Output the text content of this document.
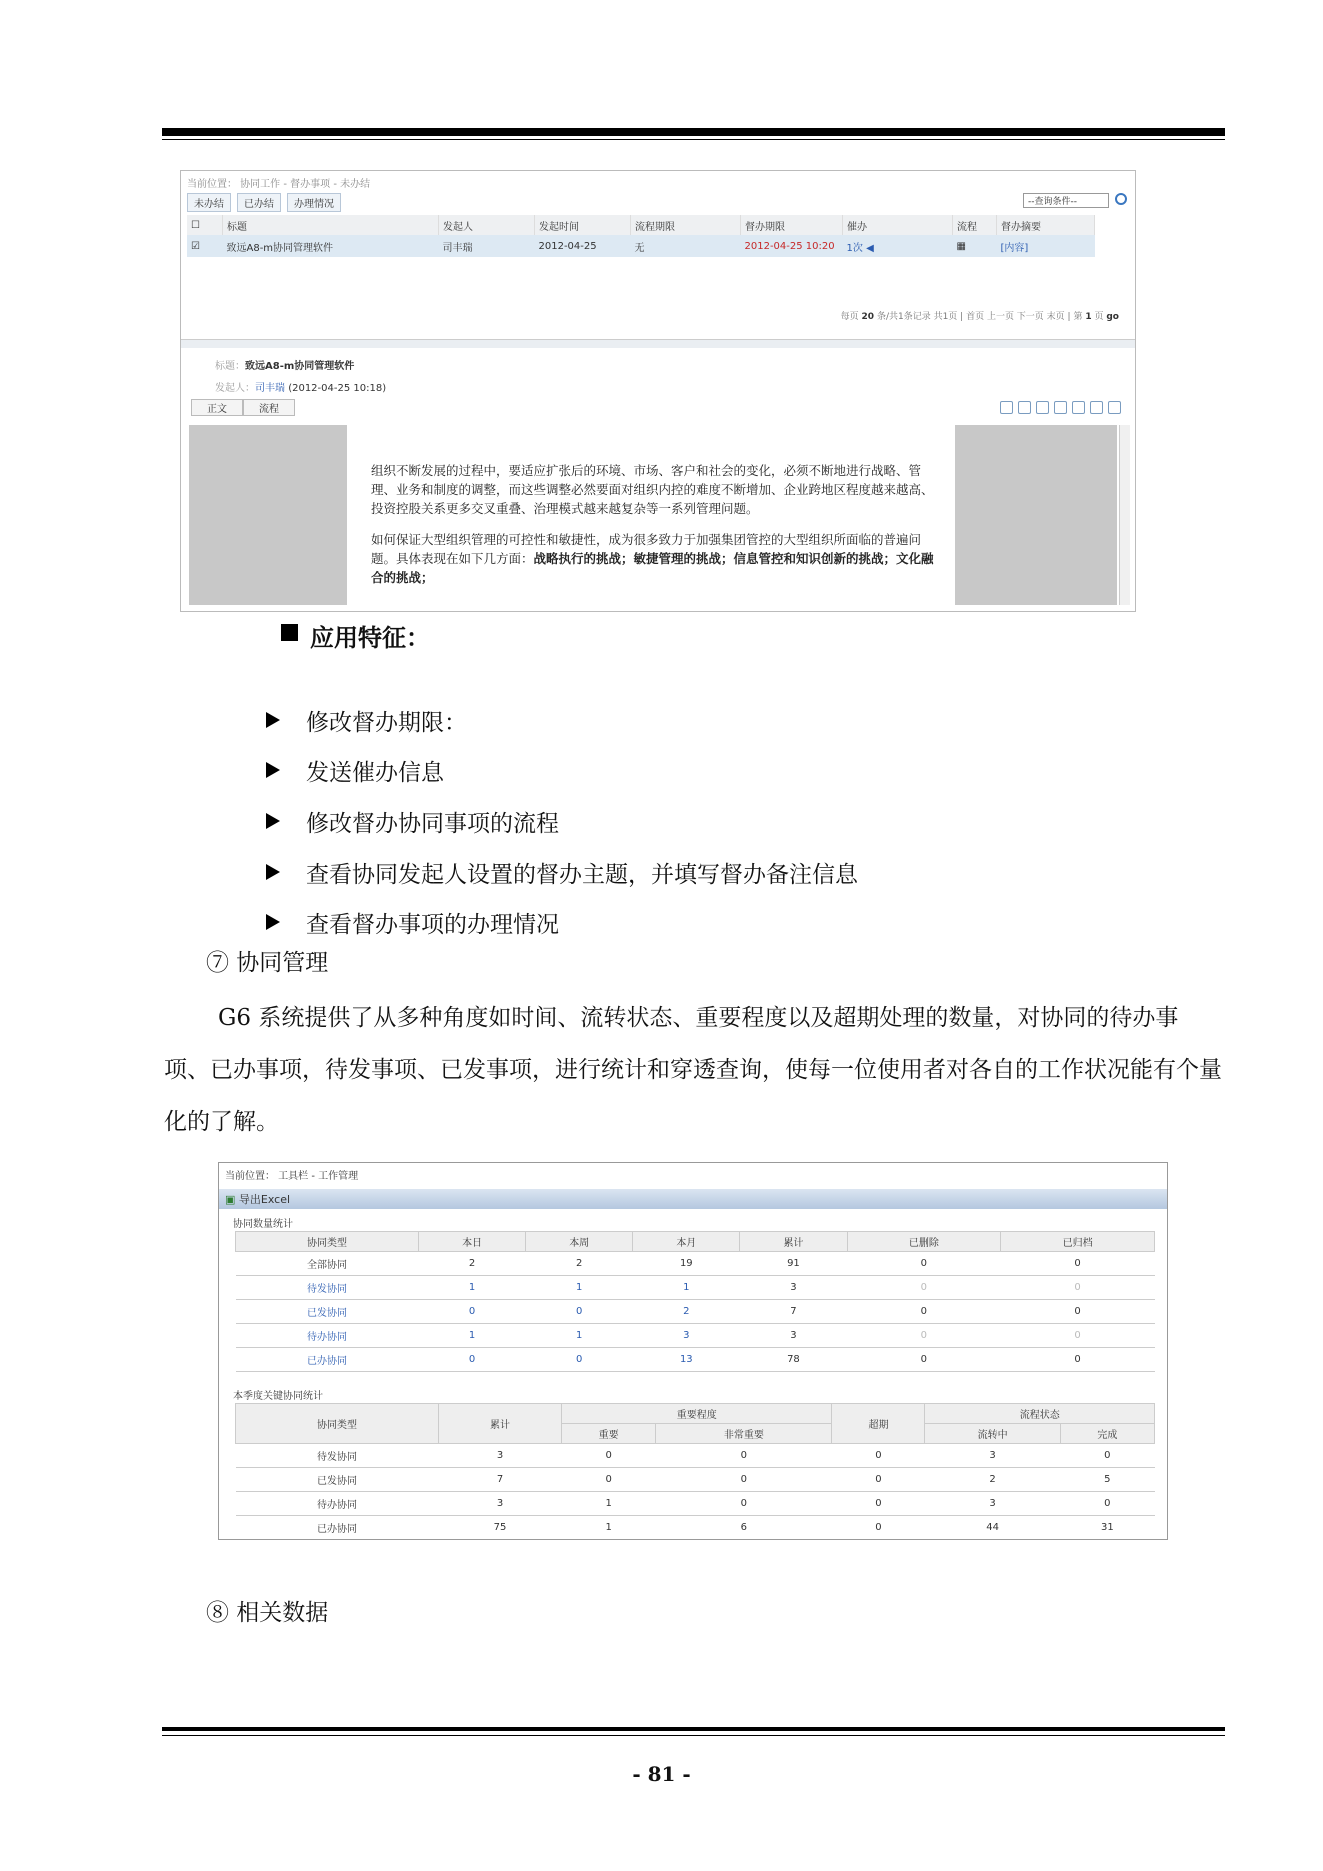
当前位置： 协同工作 - 督办事项 - 未办结
未办结	已办结	办理情况	--查询条件--
☐	标题	发起人	发起时间	流程期限	督办期限	催办	流程	督办摘要
☑	致远A8-m协同管理软件	司丰瑞	2012-04-25	无	2012-04-25 10:20	1次 ◀︎	▦	[内容]
每页 20 条/共1条记录 共1页 | 首页 上一页 下一页 末页 | 第 1 页 go
标题：致远A8-m协同管理软件
发起人：司丰瑞 (2012-04-25 10:18)
正文	流程

组织不断发展的过程中，要适应扩张后的环境、市场、客户和社会的变化，必须不断地进行战略、管理、业务和制度的调整，而这些调整必然要面对组织内控的难度不断增加、企业跨地区程度越来越高、投资控股关系更多交叉重叠、治理模式越来越复杂等一系列管理问题。

如何保证大型组织管理的可控性和敏捷性，成为很多致力于加强集团管控的大型组织所面临的普遍问题。具体表现在如下几方面：战略执行的挑战；敏捷管理的挑战；信息管控和知识创新的挑战；文化融合的挑战；

应用特征：
修改督办期限：
发送催办信息
修改督办协同事项的流程
查看协同发起人设置的督办主题，并填写督办备注信息
查看督办事项的办理情况
⑦ 协同管理
G6 系统提供了从多种角度如时间、流转状态、重要程度以及超期处理的数量，对协同的待办事项、已办事项，待发事项、已发事项，进行统计和穿透查询，使每一位使用者对各自的工作状况能有个量化的了解。
当前位置： 工具栏 - 工作管理
▣ 导出Excel
协同数量统计
协同类型	本日	本周	本月	累计	已删除	已归档
全部协同	2	2	19	91	0	0
待发协同	1	1	1	3	0	0
已发协同	0	0	2	7	0	0
待办协同	1	1	3	3	0	0
已办协同	0	0	13	78	0	0
本季度关键协同统计
协同类型	累计	重要程度		超期	流程状态	
		重要	非常重要		流转中	完成
待发协同	3	0	0	0	3	0
已发协同	7	0	0	0	2	5
待办协同	3	1	0	0	3	0
已办协同	75	1	6	0	44	31
⑧ 相关数据
- 81 -
